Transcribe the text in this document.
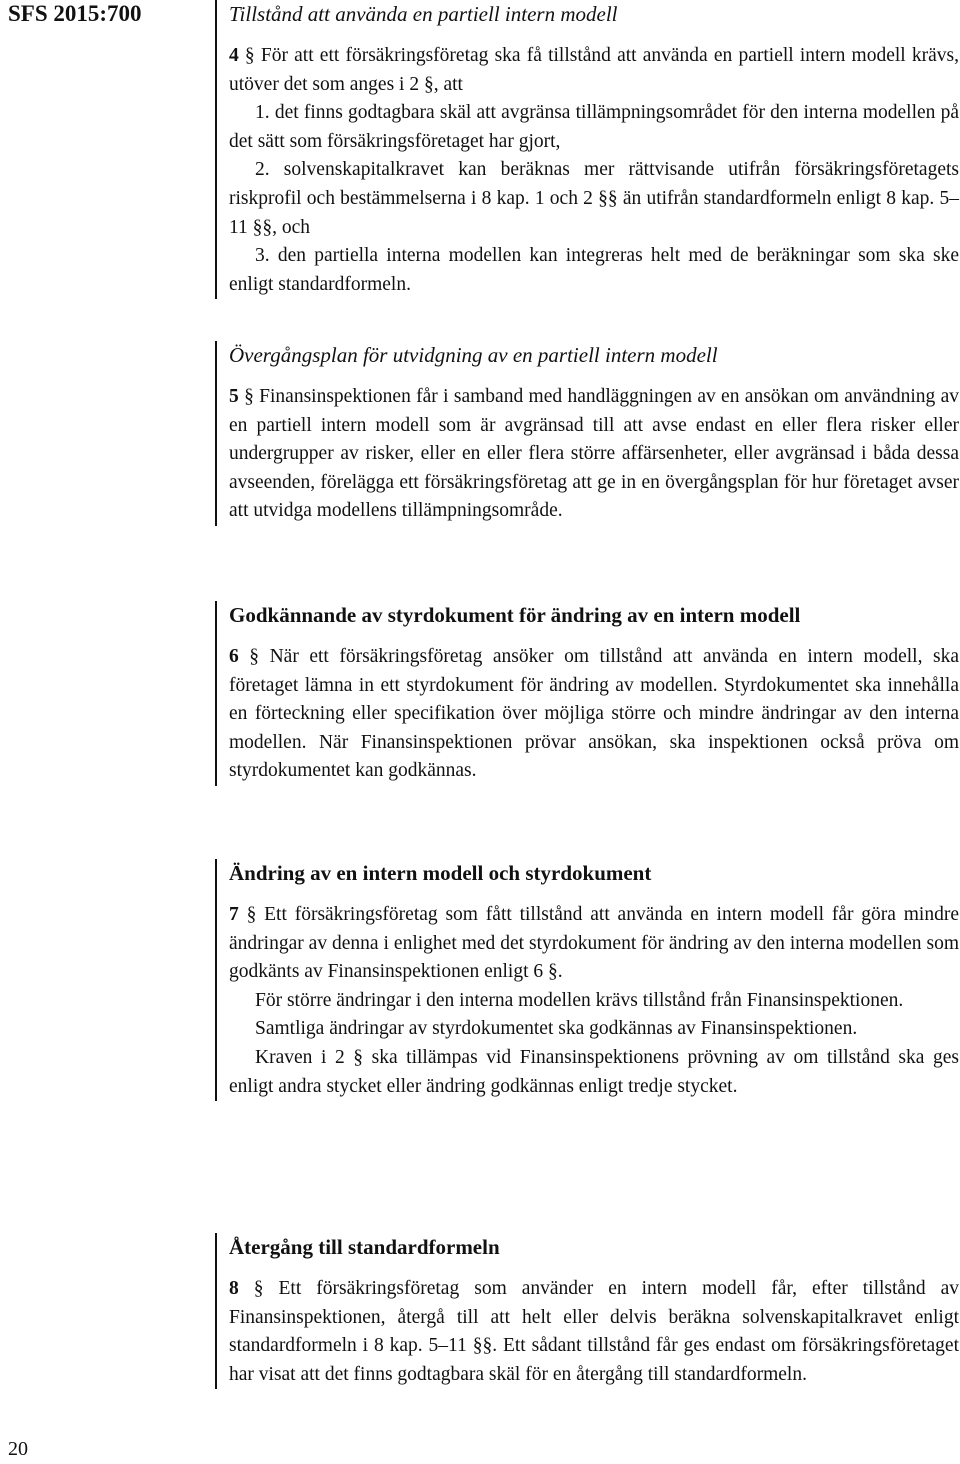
SFS 2015:700	Tillstånd att använda en partiell intern modell

4 § För att ett försäkringsföretag ska få tillstånd att använda en partiell intern modell krävs, utöver det som anges i 2 §, att

1. det finns godtagbara skäl att avgränsa tillämpningsområdet för den interna modellen på det sätt som försäkringsföretaget har gjort,

2. solvenskapitalkravet kan beräknas mer rättvisande utifrån försäkringsföretagets riskprofil och bestämmelserna i 8 kap. 1 och 2 §§ än utifrån standardformeln enligt 8 kap. 5–11 §§, och

3. den partiella interna modellen kan integreras helt med de beräkningar som ska ske enligt standardformeln.

Övergångsplan för utvidgning av en partiell intern modell

5 § Finansinspektionen får i samband med handläggningen av en ansökan om användning av en partiell intern modell som är avgränsad till att avse endast en eller flera risker eller undergrupper av risker, eller en eller flera större affärsenheter, eller avgränsad i båda dessa avseenden, förelägga ett försäkringsföretag att ge in en övergångsplan för hur företaget avser att utvidga modellens tillämpningsområde.

Godkännande av styrdokument för ändring av en intern modell

6 § När ett försäkringsföretag ansöker om tillstånd att använda en intern modell, ska företaget lämna in ett styrdokument för ändring av modellen. Styrdokumentet ska innehålla en förteckning eller specifikation över möjliga större och mindre ändringar av den interna modellen. När Finansinspektionen prövar ansökan, ska inspektionen också pröva om styrdokumentet kan godkännas.

Ändring av en intern modell och styrdokument

7 § Ett försäkringsföretag som fått tillstånd att använda en intern modell får göra mindre ändringar av denna i enlighet med det styrdokument för ändring av den interna modellen som godkänts av Finansinspektionen enligt 6 §.

För större ändringar i den interna modellen krävs tillstånd från Finansinspektionen.

Samtliga ändringar av styrdokumentet ska godkännas av Finansinspektionen.

Kraven i 2 § ska tillämpas vid Finansinspektionens prövning av om tillstånd ska ges enligt andra stycket eller ändring godkännas enligt tredje stycket.

Återgång till standardformeln

8 § Ett försäkringsföretag som använder en intern modell får, efter tillstånd av Finansinspektionen, återgå till att helt eller delvis beräkna solvenskapitalkravet enligt standardformeln i 8 kap. 5–11 §§. Ett sådant tillstånd får ges endast om försäkringsföretaget har visat att det finns godtagbara skäl för en återgång till standardformeln.

20
